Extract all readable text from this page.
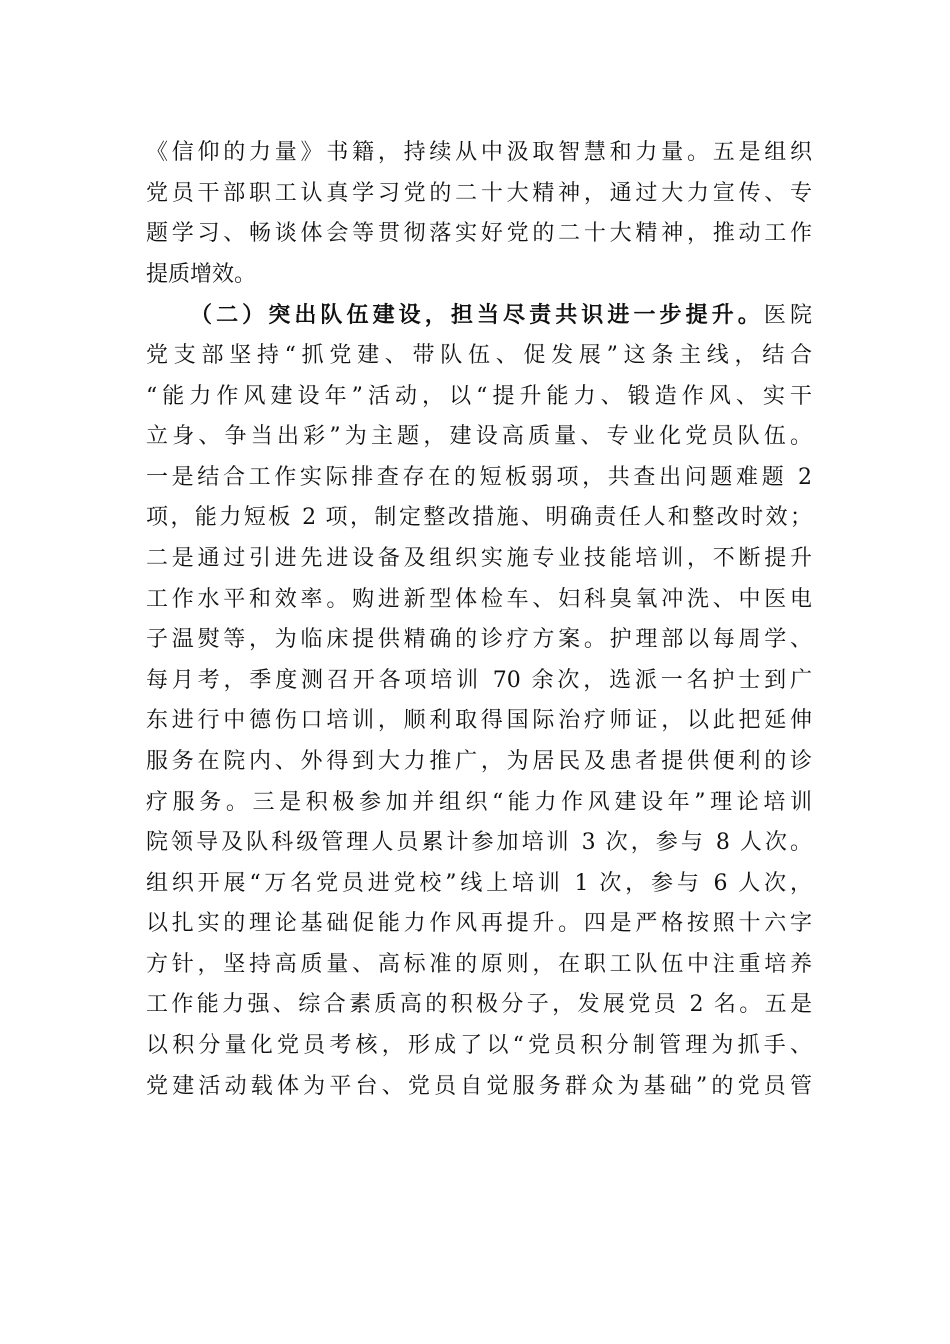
《信仰的力量》书籍，持续从中汲取智慧和力量。五是组织
党员干部职工认真学习党的二十大精神，通过大力宣传、专
题学习、畅谈体会等贯彻落实好党的二十大精神，推动工作
提质增效。
（二）突出队伍建设，担当尽责共识进一步提升。医院
党支部坚持“抓党建、带队伍、促发展”这条主线，结合
“能力作风建设年”活动，以“提升能力、锻造作风、实干
立身、争当出彩”为主题，建设高质量、专业化党员队伍。
一是结合工作实际排查存在的短板弱项，共查出问题难题 2
项，能力短板 2 项，制定整改措施、明确责任人和整改时效；
二是通过引进先进设备及组织实施专业技能培训，不断提升
工作水平和效率。购进新型体检车、妇科臭氧冲洗、中医电
子温熨等，为临床提供精确的诊疗方案。护理部以每周学、
每月考，季度测召开各项培训 70 余次，选派一名护士到广
东进行中德伤口培训，顺利取得国际治疗师证，以此把延伸
服务在院内、外得到大力推广，为居民及患者提供便利的诊
疗服务。三是积极参加并组织“能力作风建设年”理论培训
院领导及队科级管理人员累计参加培训 3 次，参与 8 人次。
组织开展“万名党员进党校”线上培训 1 次，参与 6 人次，
以扎实的理论基础促能力作风再提升。四是严格按照十六字
方针，坚持高质量、高标准的原则，在职工队伍中注重培养
工作能力强、综合素质高的积极分子，发展党员 2 名。五是
以积分量化党员考核，形成了以“党员积分制管理为抓手、
党建活动载体为平台、党员自觉服务群众为基础”的党员管
